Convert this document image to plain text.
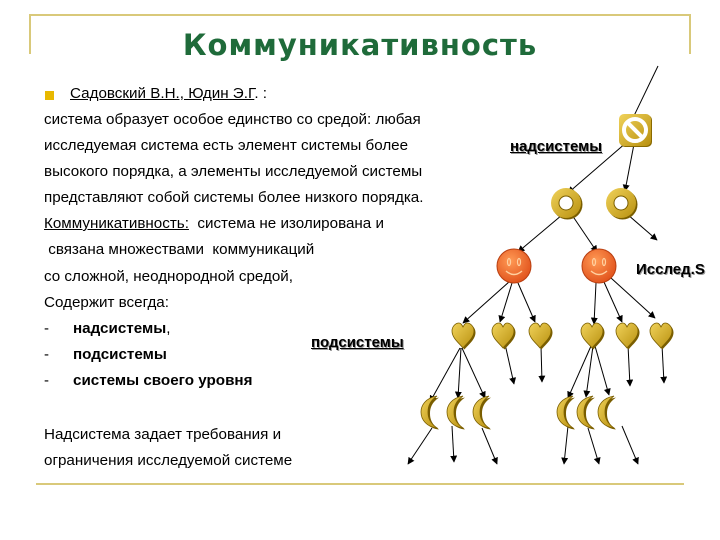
Коммуникативность
Садовский В.Н., Юдин Э.Г. :
система образует особое единство со средой: любая
исследуемая система есть элемент системы более
высокого порядка, а элементы исследуемой системы
представляют собой системы более низкого порядка.
Коммуникативность:  система не изолирована и
связана множествами  коммуникаций
со сложной, неоднородной средой,
Содержит всегда:
- надсистемы,
- подсистемы
- системы своего уровня
Надсистема задает требования и
ограничения исследуемой системе
надсистемы
Исслед.S
подсистемы
